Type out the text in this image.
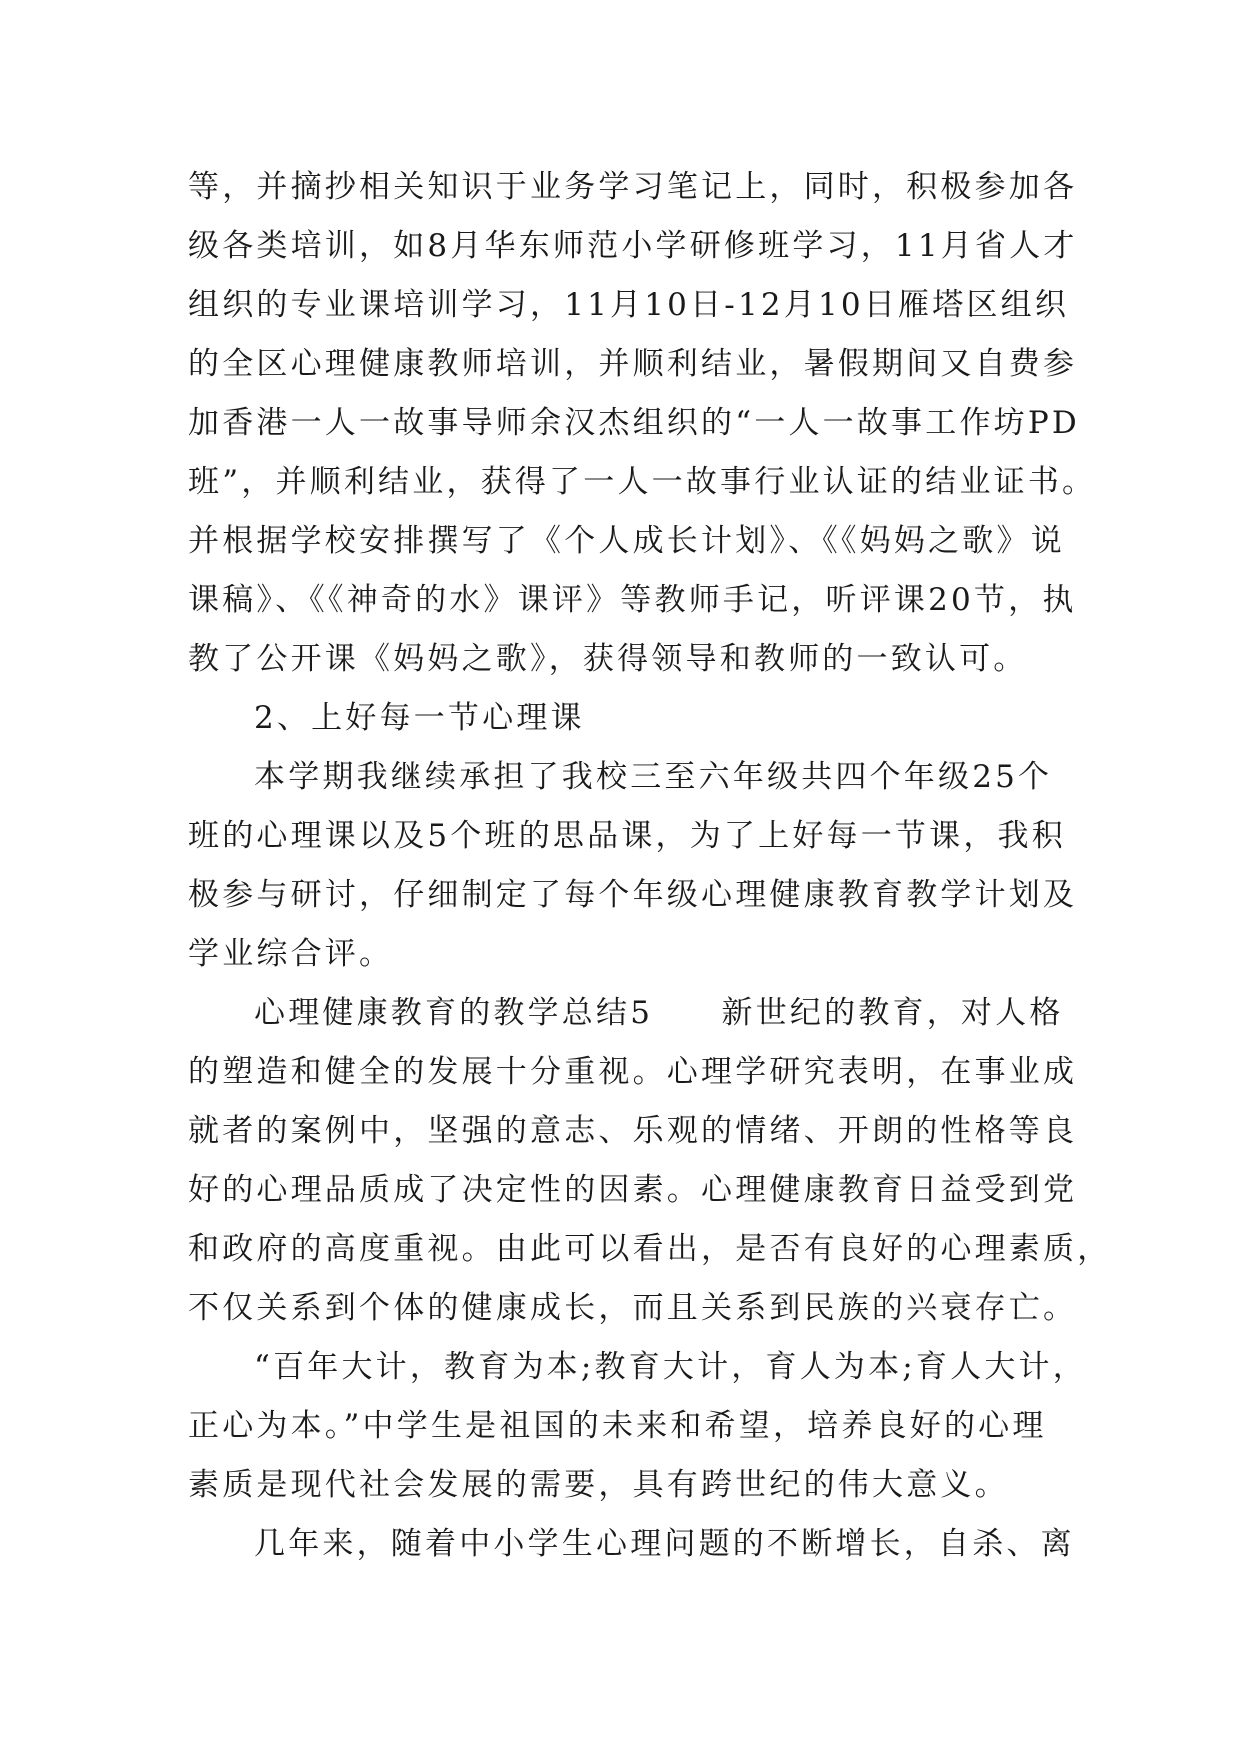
等，并摘抄相关知识于业务学习笔记上，同时，积极参加各
级各类培训，如8月华东师范小学研修班学习，11月省人才
组织的专业课培训学习，11月10日-12月10日雁塔区组织
的全区心理健康教师培训，并顺利结业，暑假期间又自费参
加香港一人一故事导师余汉杰组织的“一人一故事工作坊PD
班”，并顺利结业，获得了一人一故事行业认证的结业证书。
并根据学校安排撰写了《个人成长计划》、《《妈妈之歌》说
课稿》、《《神奇的水》课评》等教师手记，听评课20节，执
教了公开课《妈妈之歌》，获得领导和教师的一致认可。
2、上好每一节心理课
本学期我继续承担了我校三至六年级共四个年级25个
班的心理课以及5个班的思品课，为了上好每一节课，我积
极参与研讨，仔细制定了每个年级心理健康教育教学计划及
学业综合评。
心理健康教育的教学总结5　　新世纪的教育，对人格
的塑造和健全的发展十分重视。心理学研究表明，在事业成
就者的案例中，坚强的意志、乐观的情绪、开朗的性格等良
好的心理品质成了决定性的因素。心理健康教育日益受到党
和政府的高度重视。由此可以看出，是否有良好的心理素质，
不仅关系到个体的健康成长，而且关系到民族的兴衰存亡。
“百年大计，教育为本;教育大计，育人为本;育人大计，
正心为本。”中学生是祖国的未来和希望，培养良好的心理
素质是现代社会发展的需要，具有跨世纪的伟大意义。
几年来，随着中小学生心理问题的不断增长，自杀、离
